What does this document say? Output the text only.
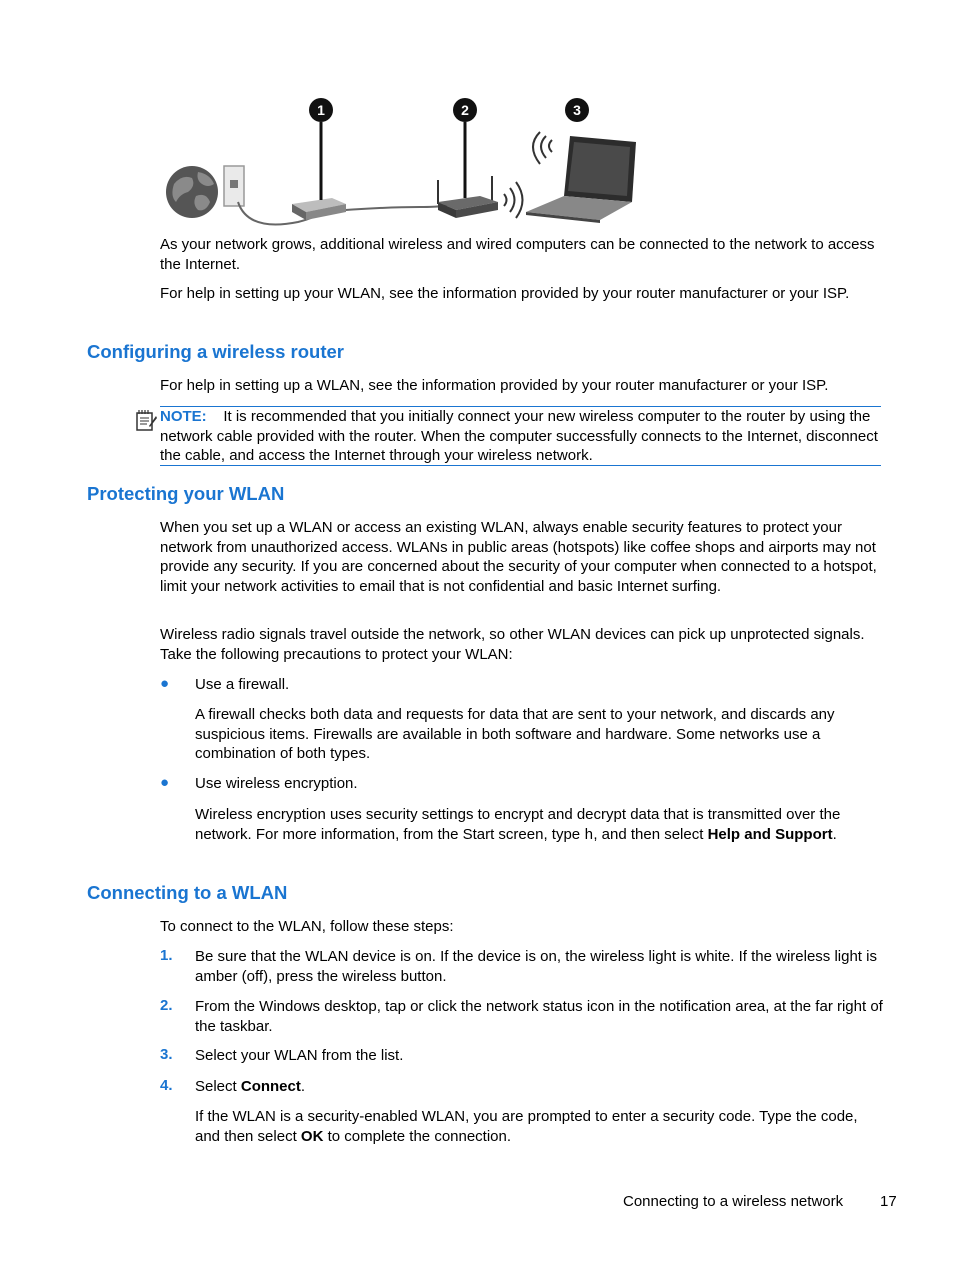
1	2	3

As your network grows, additional wireless and wired computers can be connected to the network to access the Internet.

For help in setting up your WLAN, see the information provided by your router manufacturer or your ISP.

Configuring a wireless router

For help in setting up a WLAN, see the information provided by your router manufacturer or your ISP.

NOTE: It is recommended that you initially connect your new wireless computer to the router by using the network cable provided with the router. When the computer successfully connects to the Internet, disconnect the cable, and access the Internet through your wireless network.

Protecting your WLAN

When you set up a WLAN or access an existing WLAN, always enable security features to protect your network from unauthorized access. WLANs in public areas (hotspots) like coffee shops and airports may not provide any security. If you are concerned about the security of your computer when connected to a hotspot, limit your network activities to email that is not confidential and basic Internet surfing.

Wireless radio signals travel outside the network, so other WLAN devices can pick up unprotected signals. Take the following precautions to protect your WLAN:

● Use a firewall.

A firewall checks both data and requests for data that are sent to your network, and discards any suspicious items. Firewalls are available in both software and hardware. Some networks use a combination of both types.

● Use wireless encryption.

Wireless encryption uses security settings to encrypt and decrypt data that is transmitted over the network. For more information, from the Start screen, type h, and then select Help and Support.

Connecting to a WLAN

To connect to the WLAN, follow these steps:

1. Be sure that the WLAN device is on. If the device is on, the wireless light is white. If the wireless light is amber (off), press the wireless button.

2. From the Windows desktop, tap or click the network status icon in the notification area, at the far right of the taskbar.

3. Select your WLAN from the list.

4. Select Connect.

If the WLAN is a security-enabled WLAN, you are prompted to enter a security code. Type the code, and then select OK to complete the connection.

Connecting to a wireless network 17
